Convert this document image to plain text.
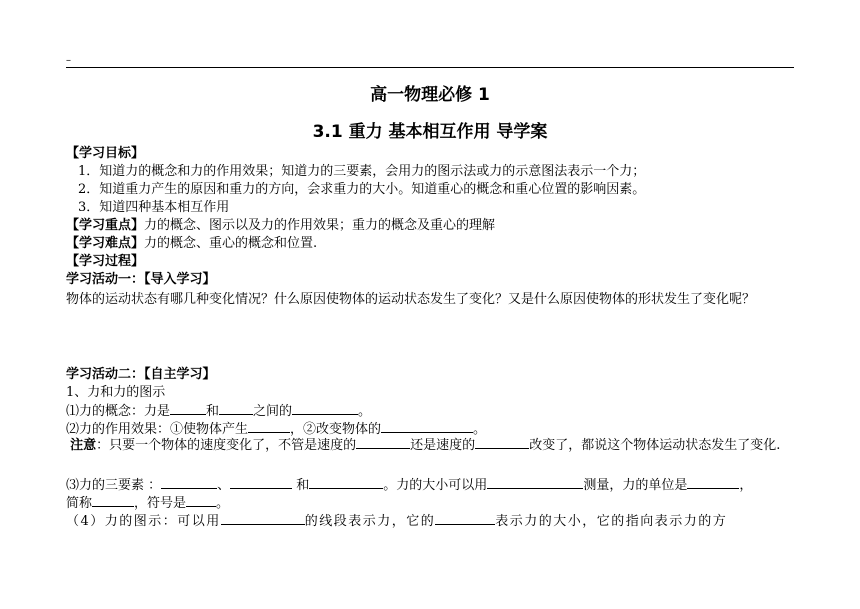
–
高一物理必修 1
3.1 重力 基本相互作用 导学案
【学习目标】
1．知道力的概念和力的作用效果；知道力的三要素，会用力的图示法或力的示意图法表示一个力；
2．知道重力产生的原因和重力的方向，会求重力的大小。知道重心的概念和重心位置的影响因素。
3．知道四种基本相互作用
【学习重点】力的概念、图示以及力的作用效果；重力的概念及重心的理解
【学习难点】力的概念、重心的概念和位置.
【学习过程】
学习活动一：【导入学习】
物体的运动状态有哪几种变化情况？什么原因使物体的运动状态发生了变化？又是什么原因使物体的形状发生了变化呢？
学习活动二：【自主学习】
1、力和力的图示
⑴力的概念：力是	和	之间的	。
⑵力的作用效果：①使物体产生	，②改变物体的	。
注意：只要一个物体的速度变化了，不管是速度的	还是速度的	改变了，都说这个物体运动状态发生了变化.
⑶力的三要素 ：	、	和	。力的大小可以用	测量，力的单位是	，
简称	，符号是 。
（4）力的图示：可以用	的线段表示力，它的	表示力的大小，它的指向表示力的方
